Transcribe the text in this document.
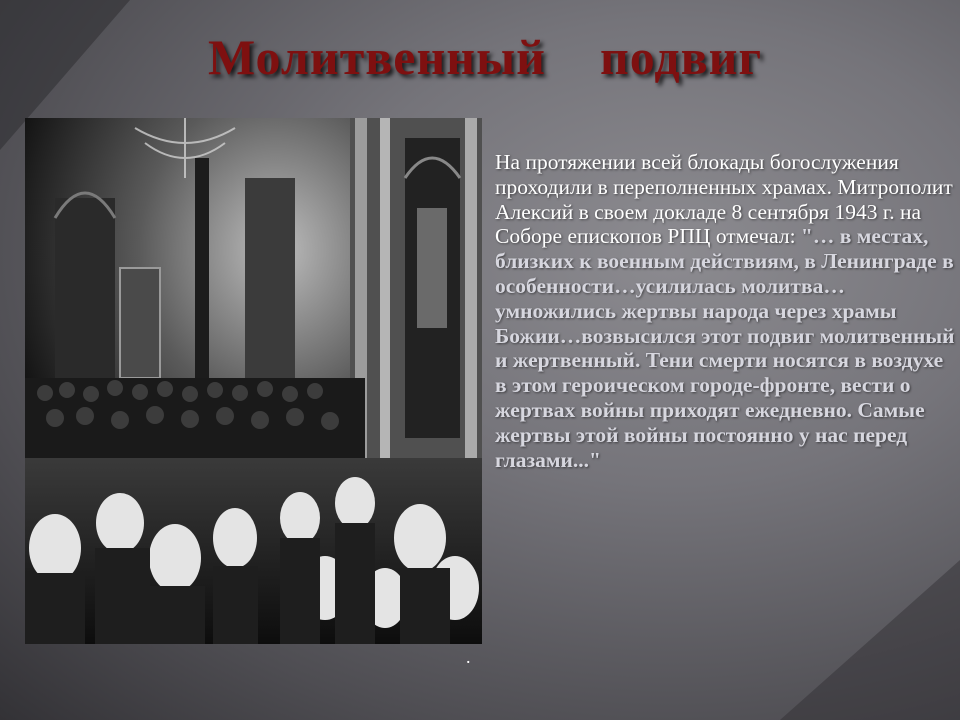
Молитвенный    подвиг
На протяжении всей блокады богослужения проходили в переполненных храмах. Митрополит Алексий в своем докладе 8 сентября 1943 г. на Соборе епископов РПЦ отмечал: "… в местах, близких к военным действиям, в Ленинграде в особенности…усилилась молитва…умножились жертвы народа через храмы Божии…возвысился этот подвиг молитвенный и жертвенный. Тени смерти носятся в воздухе в этом героическом городе-фронте, вести о жертвах войны приходят ежедневно. Самые жертвы этой войны постоянно у нас перед глазами..."
.
